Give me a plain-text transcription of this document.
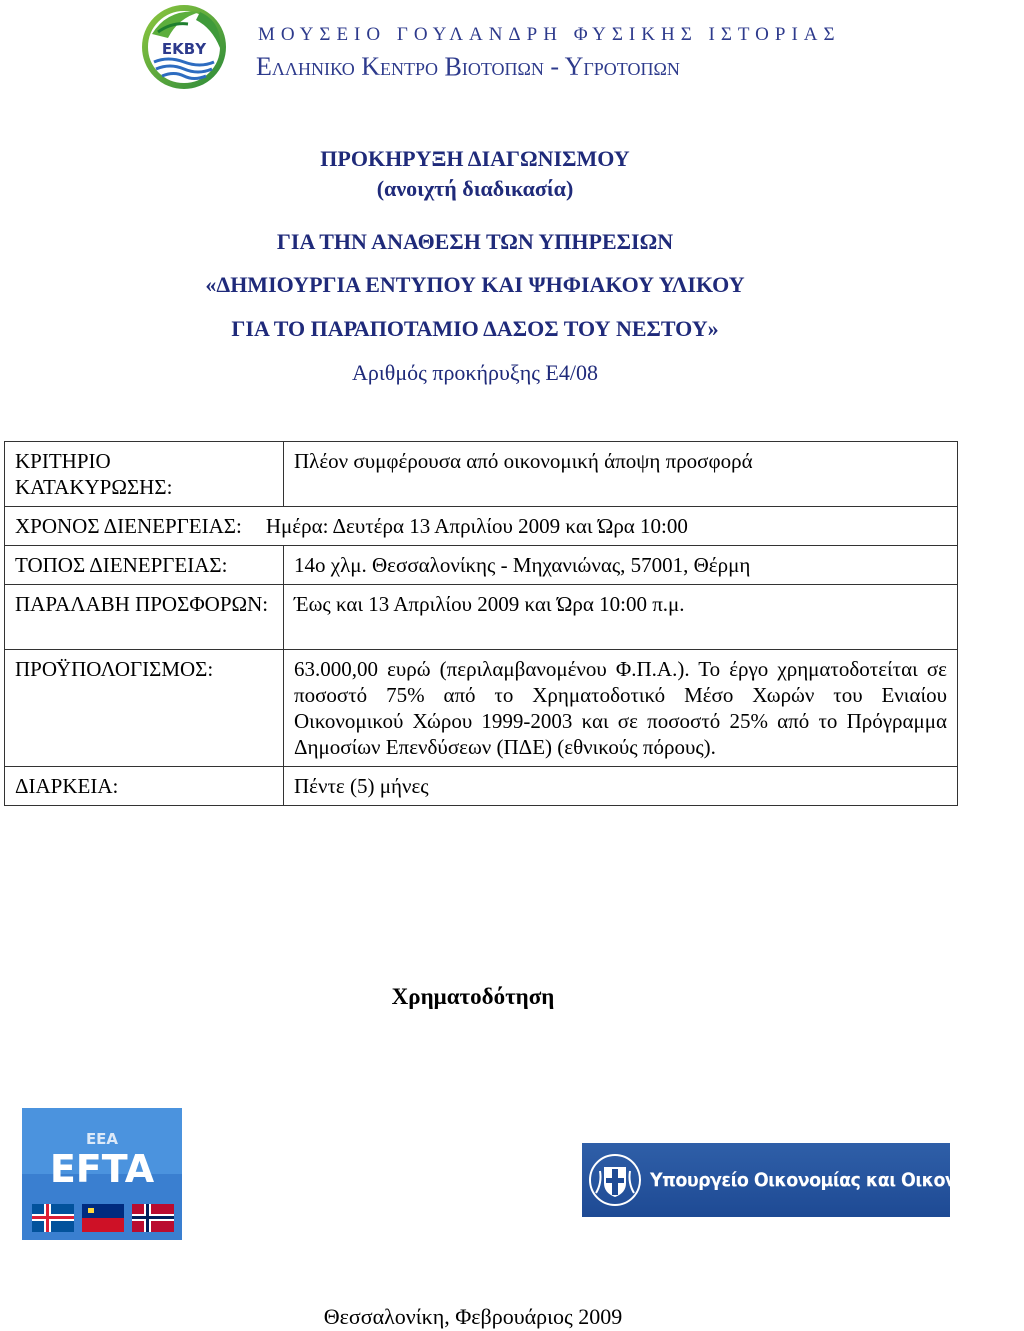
ΕΚΒΥ
ΜΟΥΣΕΙΟ ΓΟΥΛΑΝΔΡΗ ΦΥΣΙΚΗΣ ΙΣΤΟΡΙΑΣ
Ελληνικο Κεντρο Βιοτοπων - Υγροτοπων
ΠΡΟΚΗΡΥΞΗ ΔΙΑΓΩΝΙΣΜΟΥ
(ανοιχτή διαδικασία)
ΓΙΑ ΤΗΝ ΑΝΑΘΕΣΗ ΤΩΝ ΥΠΗΡΕΣΙΩΝ
«ΔΗΜΙΟΥΡΓΙΑ ΕΝΤΥΠΟΥ ΚΑΙ ΨΗΦΙΑΚΟΥ ΥΛΙΚΟΥ
ΓΙΑ ΤΟ ΠΑΡΑΠΟΤΑΜΙΟ ΔΑΣΟΣ ΤΟΥ ΝΕΣΤΟΥ»
Αριθμός προκήρυξης Ε4/08
ΚΡΙΤΗΡΙΟ ΚΑΤΑΚΥΡΩΣΗΣ:	Πλέον συμφέρουσα από οικονομική άποψη προσφορά

ΧΡΟΝΟΣ ΔΙΕΝΕΡΓΕΙΑΣ: Ημέρα: Δευτέρα 13 Απριλίου 2009 και Ώρα 10:00	

ΤΟΠΟΣ ΔΙΕΝΕΡΓΕΙΑΣ:	14ο χλμ. Θεσσαλονίκης - Μηχανιώνας, 57001, Θέρμη
ΠΑΡΑΛΑΒΗ ΠΡΟΣΦΟΡΩΝ:	Έως και 13 Απριλίου 2009 και Ώρα 10:00 π.μ.
ΠΡΟΫΠΟΛΟΓΙΣΜΟΣ:	63.000,00 ευρώ (περιλαμβανομένου Φ.Π.Α.). Το έργο χρηματοδοτείται σε ποσοστό 75% από το Χρηματοδοτικό Μέσο Χωρών του Ενιαίου Οικονομικού Χώρου 1999-2003 και σε ποσοστό 25% από το Πρόγραμμα Δημοσίων Επενδύσεων (ΠΔΕ) (εθνικούς πόρους).
ΔΙΑΡΚΕΙΑ:	Πέντε (5) μήνες
Χρηματοδότηση
EEA
EFTA	Υπουργείο Οικονομίας και Οικονομικών
Θεσσαλονίκη, Φεβρουάριος 2009
